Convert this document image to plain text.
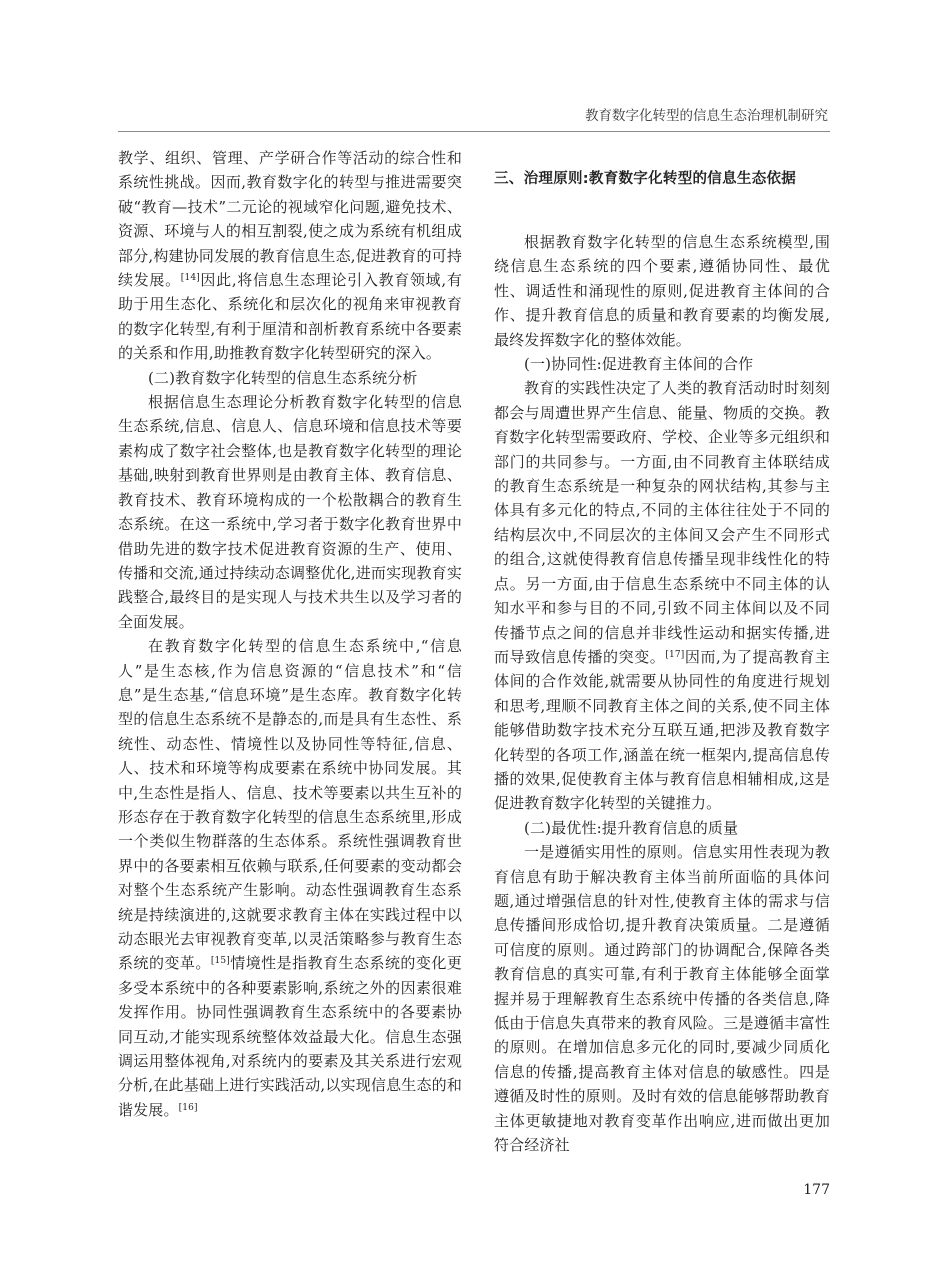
教育数字化转型的信息生态治理机制研究

教学、组织、管理、产学研合作等活动的综合性和系统性挑战。因而,教育数字化的转型与推进需要突破“教育—技术”二元论的视域窄化问题,避免技术、资源、环境与人的相互割裂,使之成为系统有机组成部分,构建协同发展的教育信息生态,促进教育的可持续发展。[14]因此,将信息生态理论引入教育领域,有助于用生态化、系统化和层次化的视角来审视教育的数字化转型,有利于厘清和剖析教育系统中各要素的关系和作用,助推教育数字化转型研究的深入。

(二)教育数字化转型的信息生态系统分析

根据信息生态理论分析教育数字化转型的信息生态系统,信息、信息人、信息环境和信息技术等要素构成了数字社会整体,也是教育数字化转型的理论基础,映射到教育世界则是由教育主体、教育信息、教育技术、教育环境构成的一个松散耦合的教育生态系统。在这一系统中,学习者于数字化教育世界中借助先进的数字技术促进教育资源的生产、使用、传播和交流,通过持续动态调整优化,进而实现教育实践整合,最终目的是实现人与技术共生以及学习者的全面发展。

在教育数字化转型的信息生态系统中,“信息人”是生态核,作为信息资源的“信息技术”和“信息”是生态基,“信息环境”是生态库。教育数字化转型的信息生态系统不是静态的,而是具有生态性、系统性、动态性、情境性以及协同性等特征,信息、人、技术和环境等构成要素在系统中协同发展。其中,生态性是指人、信息、技术等要素以共生互补的形态存在于教育数字化转型的信息生态系统里,形成一个类似生物群落的生态体系。系统性强调教育世界中的各要素相互依赖与联系,任何要素的变动都会对整个生态系统产生影响。动态性强调教育生态系统是持续演进的,这就要求教育主体在实践过程中以动态眼光去审视教育变革,以灵活策略参与教育生态系统的变革。[15]情境性是指教育生态系统的变化更多受本系统中的各种要素影响,系统之外的因素很难发挥作用。协同性强调教育生态系统中的各要素协同互动,才能实现系统整体效益最大化。信息生态强调运用整体视角,对系统内的要素及其关系进行宏观分析,在此基础上进行实践活动,以实现信息生态的和谐发展。[16]

三、治理原则:教育数字化转型的信息生态依据

根据教育数字化转型的信息生态系统模型,围绕信息生态系统的四个要素,遵循协同性、最优性、调适性和涌现性的原则,促进教育主体间的合作、提升教育信息的质量和教育要素的均衡发展,最终发挥数字化的整体效能。

(一)协同性:促进教育主体间的合作

教育的实践性决定了人类的教育活动时时刻刻都会与周遭世界产生信息、能量、物质的交换。教育数字化转型需要政府、学校、企业等多元组织和部门的共同参与。一方面,由不同教育主体联结成的教育生态系统是一种复杂的网状结构,其参与主体具有多元化的特点,不同的主体往往处于不同的结构层次中,不同层次的主体间又会产生不同形式的组合,这就使得教育信息传播呈现非线性化的特点。另一方面,由于信息生态系统中不同主体的认知水平和参与目的不同,引致不同主体间以及不同传播节点之间的信息并非线性运动和据实传播,进而导致信息传播的突变。[17]因而,为了提高教育主体间的合作效能,就需要从协同性的角度进行规划和思考,理顺不同教育主体之间的关系,使不同主体能够借助数字技术充分互联互通,把涉及教育数字化转型的各项工作,涵盖在统一框架内,提高信息传播的效果,促使教育主体与教育信息相辅相成,这是促进教育数字化转型的关键推力。

(二)最优性:提升教育信息的质量

一是遵循实用性的原则。信息实用性表现为教育信息有助于解决教育主体当前所面临的具体问题,通过增强信息的针对性,使教育主体的需求与信息传播间形成恰切,提升教育决策质量。二是遵循可信度的原则。通过跨部门的协调配合,保障各类教育信息的真实可靠,有利于教育主体能够全面掌握并易于理解教育生态系统中传播的各类信息,降低由于信息失真带来的教育风险。三是遵循丰富性的原则。在增加信息多元化的同时,要减少同质化信息的传播,提高教育主体对信息的敏感性。四是遵循及时性的原则。及时有效的信息能够帮助教育主体更敏捷地对教育变革作出响应,进而做出更加符合经济社

177
